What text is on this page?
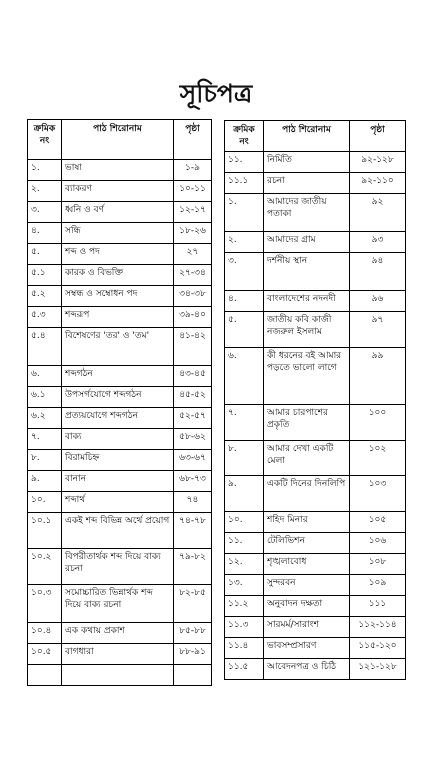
সূচিপত্র
ক্রমিক নং	পাঠ শিরোনাম	পৃষ্ঠা
১.	ভাষা	১-৯
২.	ব্যাকরণ	১০-১১
৩.	ধ্বনি ও বর্ণ	১২-১৭
৪.	সন্ধি	১৮-২৬
৫.	শব্দ ও পদ	২৭
৫.১	কারক ও বিভক্তি	২৭-৩৪
৫.২	সম্বন্ধ ও সম্বোধন পদ	৩৪-৩৮
৫.৩	শব্দরূপ	৩৯-৪০
৫.৪	বিশেষণের 'তর' ও 'তম'	৪১-৪২
৬.	শব্দগঠন	৪৩-৪৫
৬.১	উপসর্গযোগে শব্দগঠন	৪৫-৫২
৬.২	প্রত্যয়যোগে শব্দগঠন	৫২-৫৭
৭.	বাক্য	৫৮-৬২
৮.	বিরামচিহ্ন	৬৩-৬৭
৯.	বানান	৬৮-৭৩
১০.	শব্দার্থ	৭৪
১০.১	একই শব্দ বিভিন্ন অর্থে প্রয়োগ	৭৪-৭৮
১০.২	বিপরীতার্থক শব্দ দিয়ে বাক্য রচনা	৭৯-৮২
১০.৩	সমোচ্চারিত ভিন্নার্থক শব্দ দিয়ে বাক্য রচনা	৮২-৮৫
১০.৪	এক কথায় প্রকাশ	৮৫-৮৮
১০.৫	বাগধারা	৮৮-৯১

ক্রমিক নং	পাঠ শিরোনাম	পৃষ্ঠা
১১.	নির্মিতি	৯২-১২৮
১১.১	রচনা	৯২-১১০
১.	আমাদের জাতীয় পতাকা	৯২
২.	আমাদের গ্রাম	৯৩
৩.	দর্শনীয় স্থান	৯৪
৪.	বাংলাদেশের নদনদী	৯৬
৫.	জাতীয় কবি কাজী নজরুল ইসলাম	৯৭
৬.	কী ধরনের বই আমার পড়তে ভালো লাগে	৯৯
৭.	আমার চারপাশের প্রকৃতি	১০০
৮.	আমার দেখা একটি মেলা	১০২
৯.	একটি দিনের দিনলিপি	১০৩
১০.	শহিদ মিনার	১০৫
১১.	টেলিভিশন	১০৬
১২.	শৃঙ্খলাবোধ	১০৮
১৩.	সুন্দরবন	১০৯
১১.২	অনুবাদন দক্ষতা	১১১
১১.৩	সারমর্ম/সারাংশ	১১২-১১৪
১১.৪	ভাবসম্প্রসারণ	১১৫-১২০
১১.৫	আবেদনপত্র ও চিঠি	১২১-১২৮
